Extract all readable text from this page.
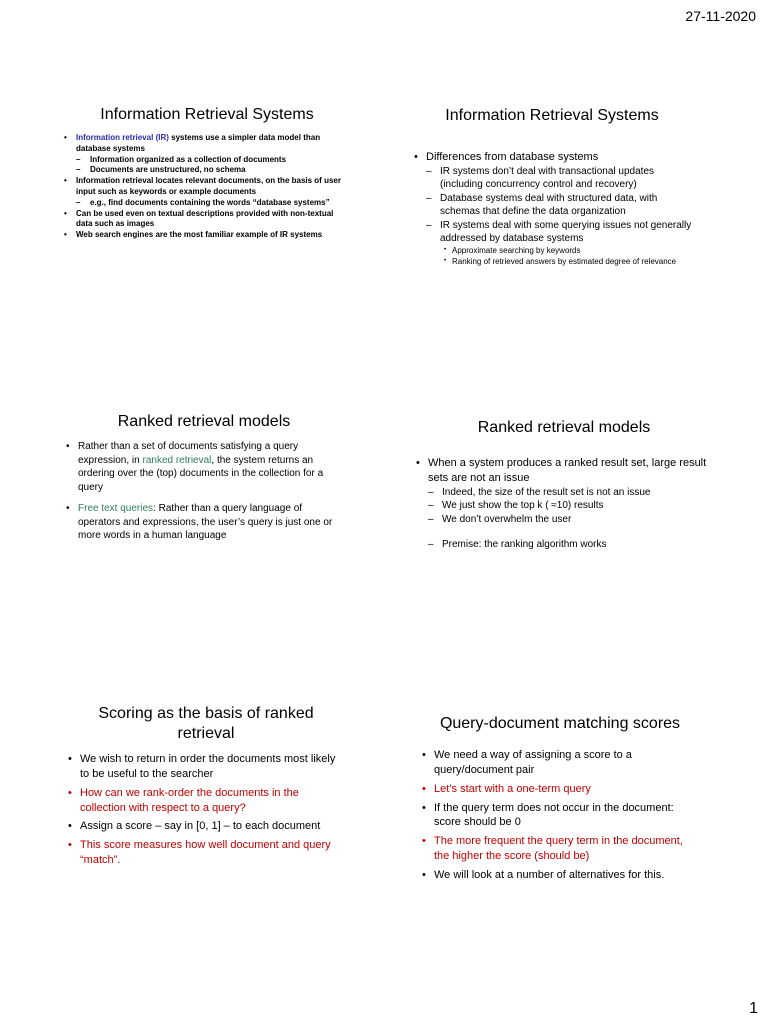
27-11-2020
Information Retrieval Systems
• Information retrieval (IR) systems use a simpler data model than database systems
– Information organized as a collection of documents
– Documents are unstructured, no schema
• Information retrieval locates relevant documents, on the basis of user input such as keywords or example documents
– e.g., find documents containing the words “database systems”
• Can be used even on textual descriptions provided with non-textual data such as images
• Web search engines are the most familiar example of IR systems
Information Retrieval Systems
• Differences from database systems
– IR systems don’t deal with transactional updates (including concurrency control and recovery)
– Database systems deal with structured data, with schemas that define the data organization
– IR systems deal with some querying issues not generally addressed by database systems
• Approximate searching by keywords
• Ranking of retrieved answers by estimated degree of relevance
Ranked retrieval models
• Rather than a set of documents satisfying a query expression, in ranked retrieval, the system returns an ordering over the (top) documents in the collection for a query
• Free text queries: Rather than a query language of operators and expressions, the user’s query is just one or more words in a human language
Ranked retrieval models
• When a system produces a ranked result set, large result sets are not an issue
– Indeed, the size of the result set is not an issue
– We just show the top k ( ≈10) results
– We don’t overwhelm the user
– Premise: the ranking algorithm works
Scoring as the basis of ranked retrieval
• We wish to return in order the documents most likely to be useful to the searcher
• How can we rank-order the documents in the collection with respect to a query?
• Assign a score – say in [0, 1] – to each document
• This score measures how well document and query “match”.
Query-document matching scores
• We need a way of assigning a score to a query/document pair
• Let’s start with a one-term query
• If the query term does not occur in the document: score should be 0
• The more frequent the query term in the document, the higher the score (should be)
• We will look at a number of alternatives for this.
1
